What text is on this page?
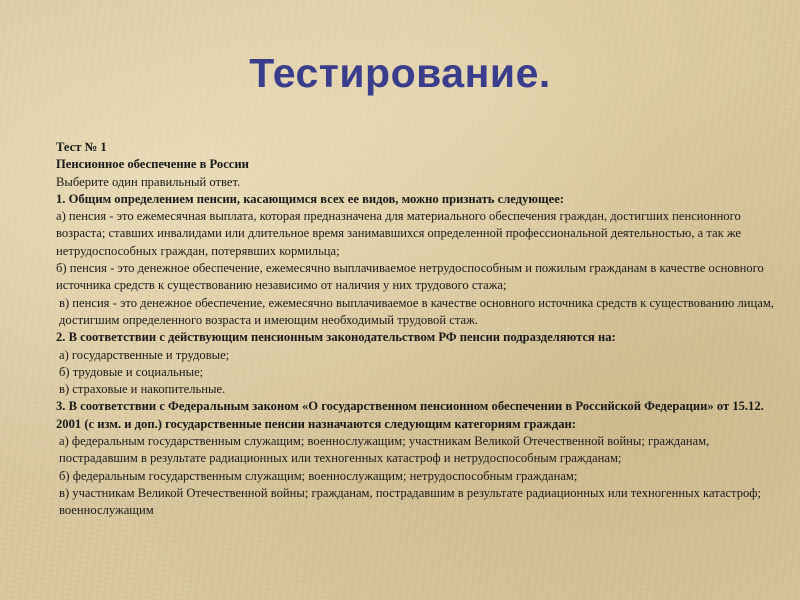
Тестирование.

Тест № 1

Пенсионное обеспечение в России

Выберите один правильный ответ.

1. Общим определением пенсии, касающимся всех ее видов, можно признать следующее:

а) пенсия - это ежемесячная выплата, которая предназначена для материального обеспечения граждан, достигших пенсионного возраста; ставших инвалидами или длительное время занимавшихся определенной профессиональной деятельностью, а так же нетрудоспособных граждан, потерявших кормильца;

б) пенсия - это денежное обеспечение, ежемесячно выплачиваемое нетрудоспособным и пожилым гражданам в качестве основного источника средств к существованию независимо от наличия у них трудового стажа;

в) пенсия - это денежное обеспечение, ежемесячно выплачиваемое в качестве основного источника средств к существованию лицам, достигшим определенного возраста и имеющим необходимый трудовой стаж.

2. В соответствии с действующим пенсионным законодательством РФ пенсии подразделяются на:

а) государственные и трудовые;

б) трудовые и социальные;

в) страховые и накопительные.

3. В соответствии с Федеральным законом «О государственном пенсионном обеспечении в Российской Федерации» от 15.12. 2001 (с изм. и доп.) государственные пенсии назначаются следующим категориям граждан:

а) федеральным государственным служащим; военнослужащим; участникам Великой Отечественной войны; гражданам, пострадавшим в результате радиационных или техногенных катастроф и нетрудоспособным гражданам;

б) федеральным государственным служащим; военнослужащим; нетрудоспособным гражданам;

в) участникам Великой Отечественной войны; гражданам, пострадавшим в результате радиационных или техногенных катастроф; военнослужащим
